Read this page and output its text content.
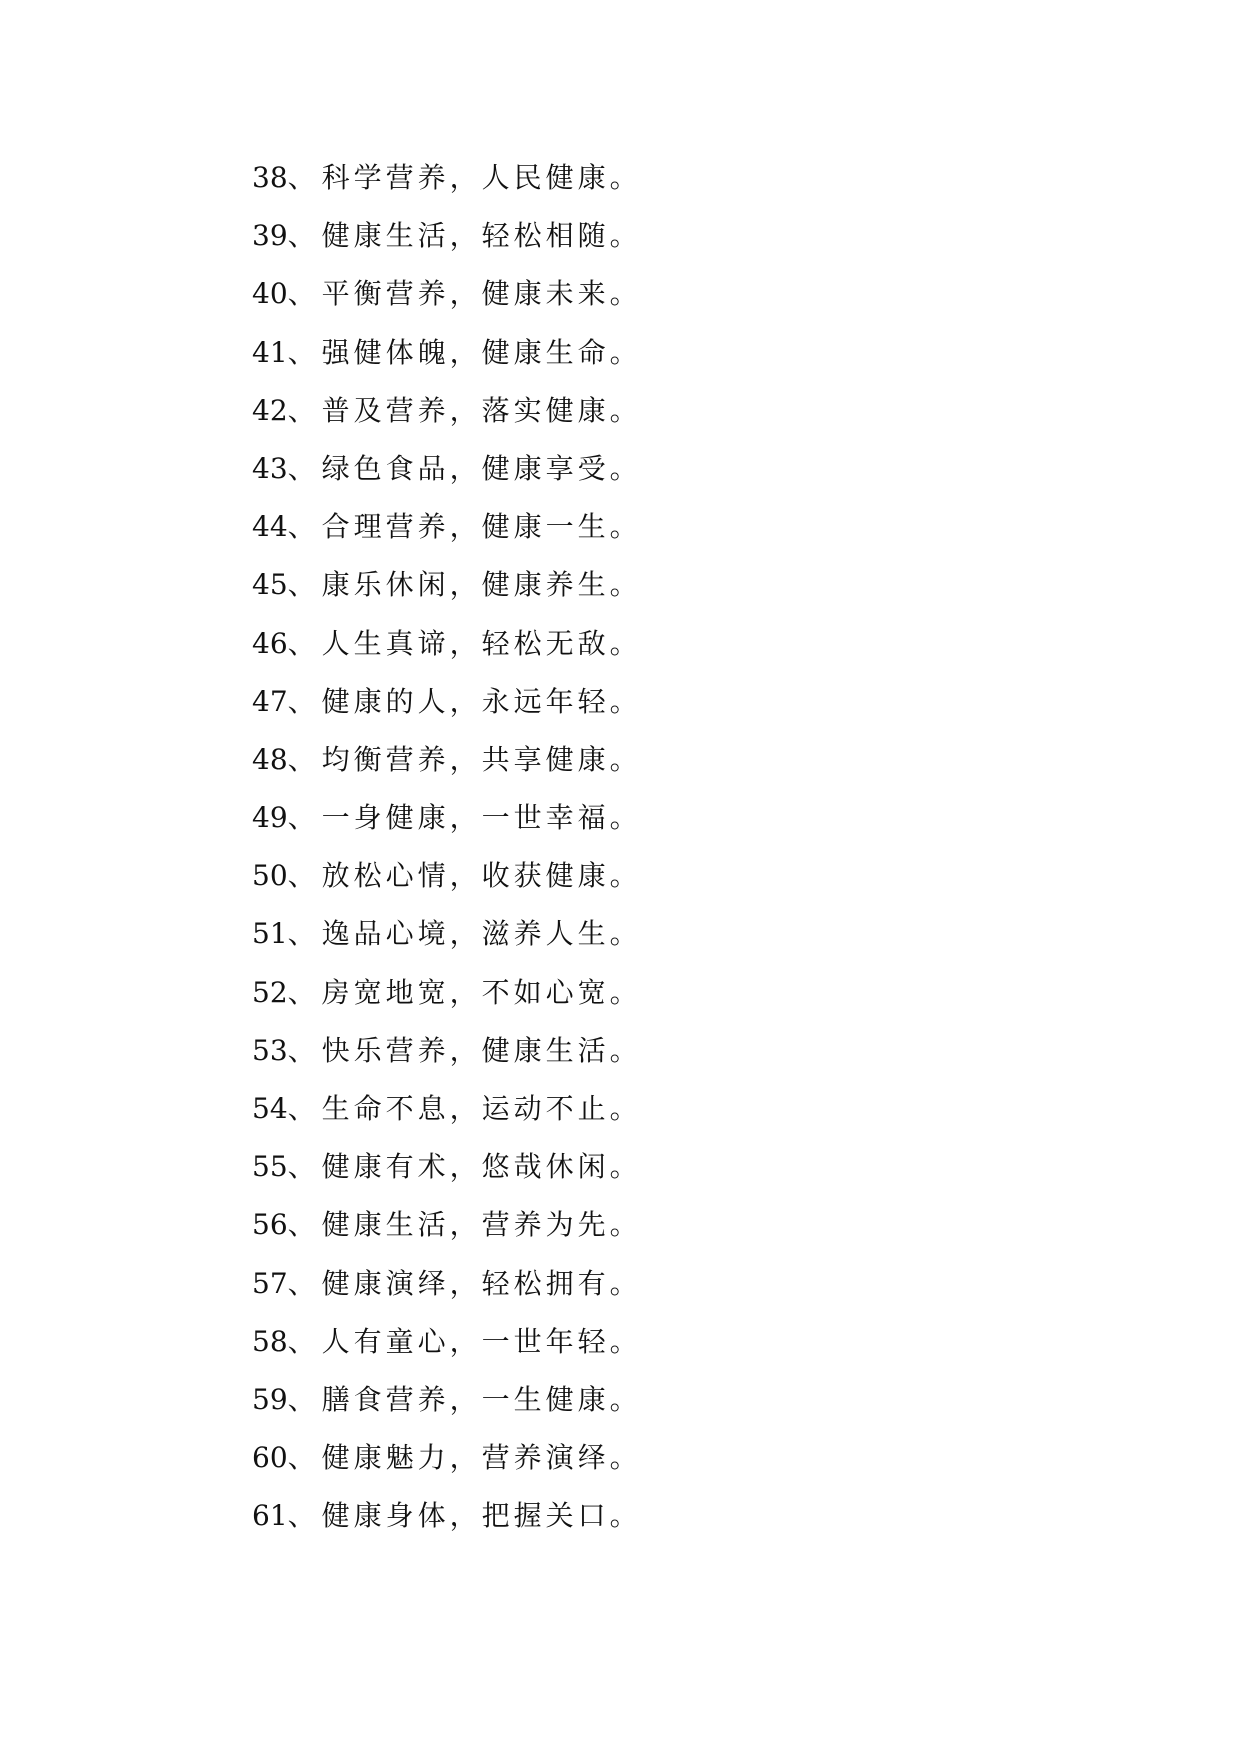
38、 科学营养，人民健康。
39、 健康生活，轻松相随。
40、 平衡营养，健康未来。
41、 强健体魄，健康生命。
42、 普及营养，落实健康。
43、 绿色食品，健康享受。
44、 合理营养，健康一生。
45、 康乐休闲，健康养生。
46、 人生真谛，轻松无敌。
47、 健康的人，永远年轻。
48、 均衡营养，共享健康。
49、 一身健康，一世幸福。
50、 放松心情，收获健康。
51、 逸品心境，滋养人生。
52、 房宽地宽，不如心宽。
53、 快乐营养，健康生活。
54、 生命不息，运动不止。
55、 健康有术，悠哉休闲。
56、 健康生活，营养为先。
57、 健康演绎，轻松拥有。
58、 人有童心，一世年轻。
59、 膳食营养，一生健康。
60、 健康魅力，营养演绎。
61、 健康身体，把握关口。
